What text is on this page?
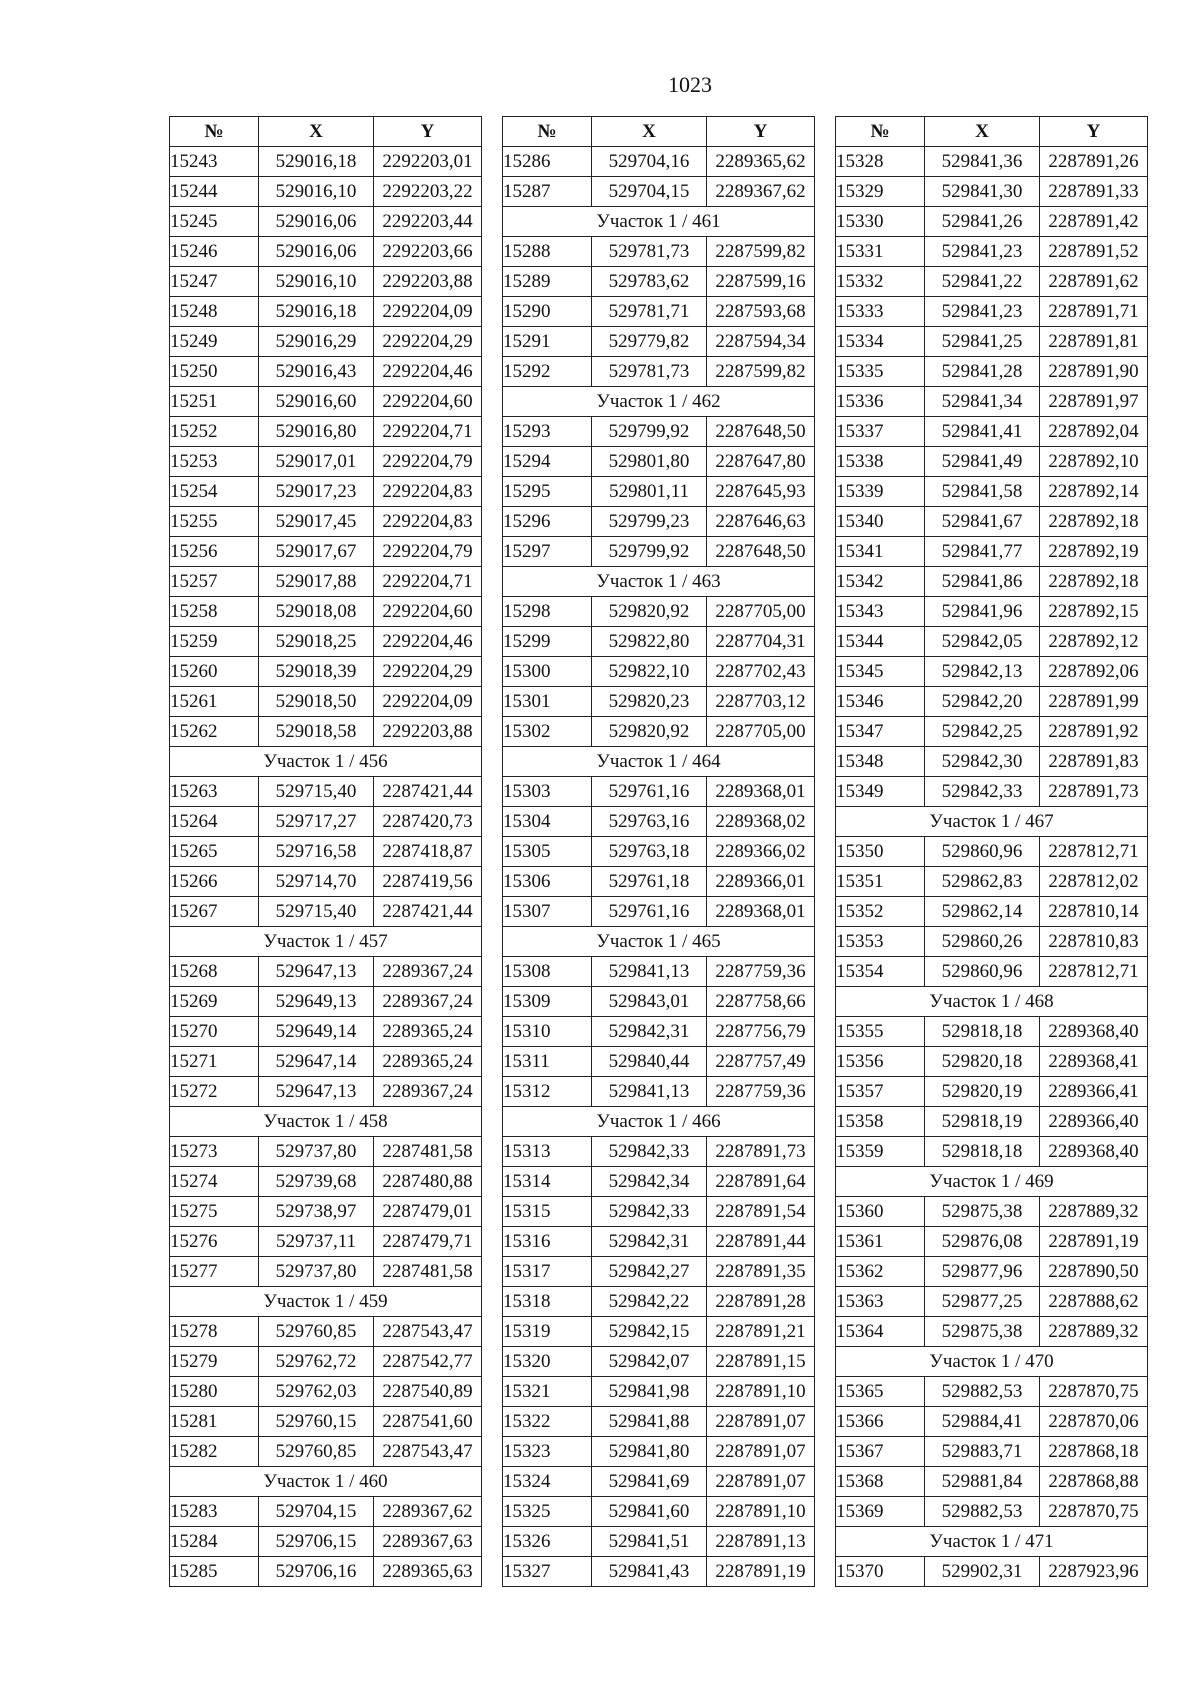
1023
№	X	Y
15243	529016,18	2292203,01
15244	529016,10	2292203,22
15245	529016,06	2292203,44
15246	529016,06	2292203,66
15247	529016,10	2292203,88
15248	529016,18	2292204,09
15249	529016,29	2292204,29
15250	529016,43	2292204,46
15251	529016,60	2292204,60
15252	529016,80	2292204,71
15253	529017,01	2292204,79
15254	529017,23	2292204,83
15255	529017,45	2292204,83
15256	529017,67	2292204,79
15257	529017,88	2292204,71
15258	529018,08	2292204,60
15259	529018,25	2292204,46
15260	529018,39	2292204,29
15261	529018,50	2292204,09
15262	529018,58	2292203,88
Участок 1 / 456		
15263	529715,40	2287421,44
15264	529717,27	2287420,73
15265	529716,58	2287418,87
15266	529714,70	2287419,56
15267	529715,40	2287421,44
Участок 1 / 457		
15268	529647,13	2289367,24
15269	529649,13	2289367,24
15270	529649,14	2289365,24
15271	529647,14	2289365,24
15272	529647,13	2289367,24
Участок 1 / 458		
15273	529737,80	2287481,58
15274	529739,68	2287480,88
15275	529738,97	2287479,01
15276	529737,11	2287479,71
15277	529737,80	2287481,58
Участок 1 / 459		
15278	529760,85	2287543,47
15279	529762,72	2287542,77
15280	529762,03	2287540,89
15281	529760,15	2287541,60
15282	529760,85	2287543,47
Участок 1 / 460		
15283	529704,15	2289367,62
15284	529706,15	2289367,63
15285	529706,16	2289365,63
№	X	Y
15286	529704,16	2289365,62
15287	529704,15	2289367,62
Участок 1 / 461		
15288	529781,73	2287599,82
15289	529783,62	2287599,16
15290	529781,71	2287593,68
15291	529779,82	2287594,34
15292	529781,73	2287599,82
Участок 1 / 462		
15293	529799,92	2287648,50
15294	529801,80	2287647,80
15295	529801,11	2287645,93
15296	529799,23	2287646,63
15297	529799,92	2287648,50
Участок 1 / 463		
15298	529820,92	2287705,00
15299	529822,80	2287704,31
15300	529822,10	2287702,43
15301	529820,23	2287703,12
15302	529820,92	2287705,00
Участок 1 / 464		
15303	529761,16	2289368,01
15304	529763,16	2289368,02
15305	529763,18	2289366,02
15306	529761,18	2289366,01
15307	529761,16	2289368,01
Участок 1 / 465		
15308	529841,13	2287759,36
15309	529843,01	2287758,66
15310	529842,31	2287756,79
15311	529840,44	2287757,49
15312	529841,13	2287759,36
Участок 1 / 466		
15313	529842,33	2287891,73
15314	529842,34	2287891,64
15315	529842,33	2287891,54
15316	529842,31	2287891,44
15317	529842,27	2287891,35
15318	529842,22	2287891,28
15319	529842,15	2287891,21
15320	529842,07	2287891,15
15321	529841,98	2287891,10
15322	529841,88	2287891,07
15323	529841,80	2287891,07
15324	529841,69	2287891,07
15325	529841,60	2287891,10
15326	529841,51	2287891,13
15327	529841,43	2287891,19
№	X	Y
15328	529841,36	2287891,26
15329	529841,30	2287891,33
15330	529841,26	2287891,42
15331	529841,23	2287891,52
15332	529841,22	2287891,62
15333	529841,23	2287891,71
15334	529841,25	2287891,81
15335	529841,28	2287891,90
15336	529841,34	2287891,97
15337	529841,41	2287892,04
15338	529841,49	2287892,10
15339	529841,58	2287892,14
15340	529841,67	2287892,18
15341	529841,77	2287892,19
15342	529841,86	2287892,18
15343	529841,96	2287892,15
15344	529842,05	2287892,12
15345	529842,13	2287892,06
15346	529842,20	2287891,99
15347	529842,25	2287891,92
15348	529842,30	2287891,83
15349	529842,33	2287891,73
Участок 1 / 467		
15350	529860,96	2287812,71
15351	529862,83	2287812,02
15352	529862,14	2287810,14
15353	529860,26	2287810,83
15354	529860,96	2287812,71
Участок 1 / 468		
15355	529818,18	2289368,40
15356	529820,18	2289368,41
15357	529820,19	2289366,41
15358	529818,19	2289366,40
15359	529818,18	2289368,40
Участок 1 / 469		
15360	529875,38	2287889,32
15361	529876,08	2287891,19
15362	529877,96	2287890,50
15363	529877,25	2287888,62
15364	529875,38	2287889,32
Участок 1 / 470		
15365	529882,53	2287870,75
15366	529884,41	2287870,06
15367	529883,71	2287868,18
15368	529881,84	2287868,88
15369	529882,53	2287870,75
Участок 1 / 471		
15370	529902,31	2287923,96
